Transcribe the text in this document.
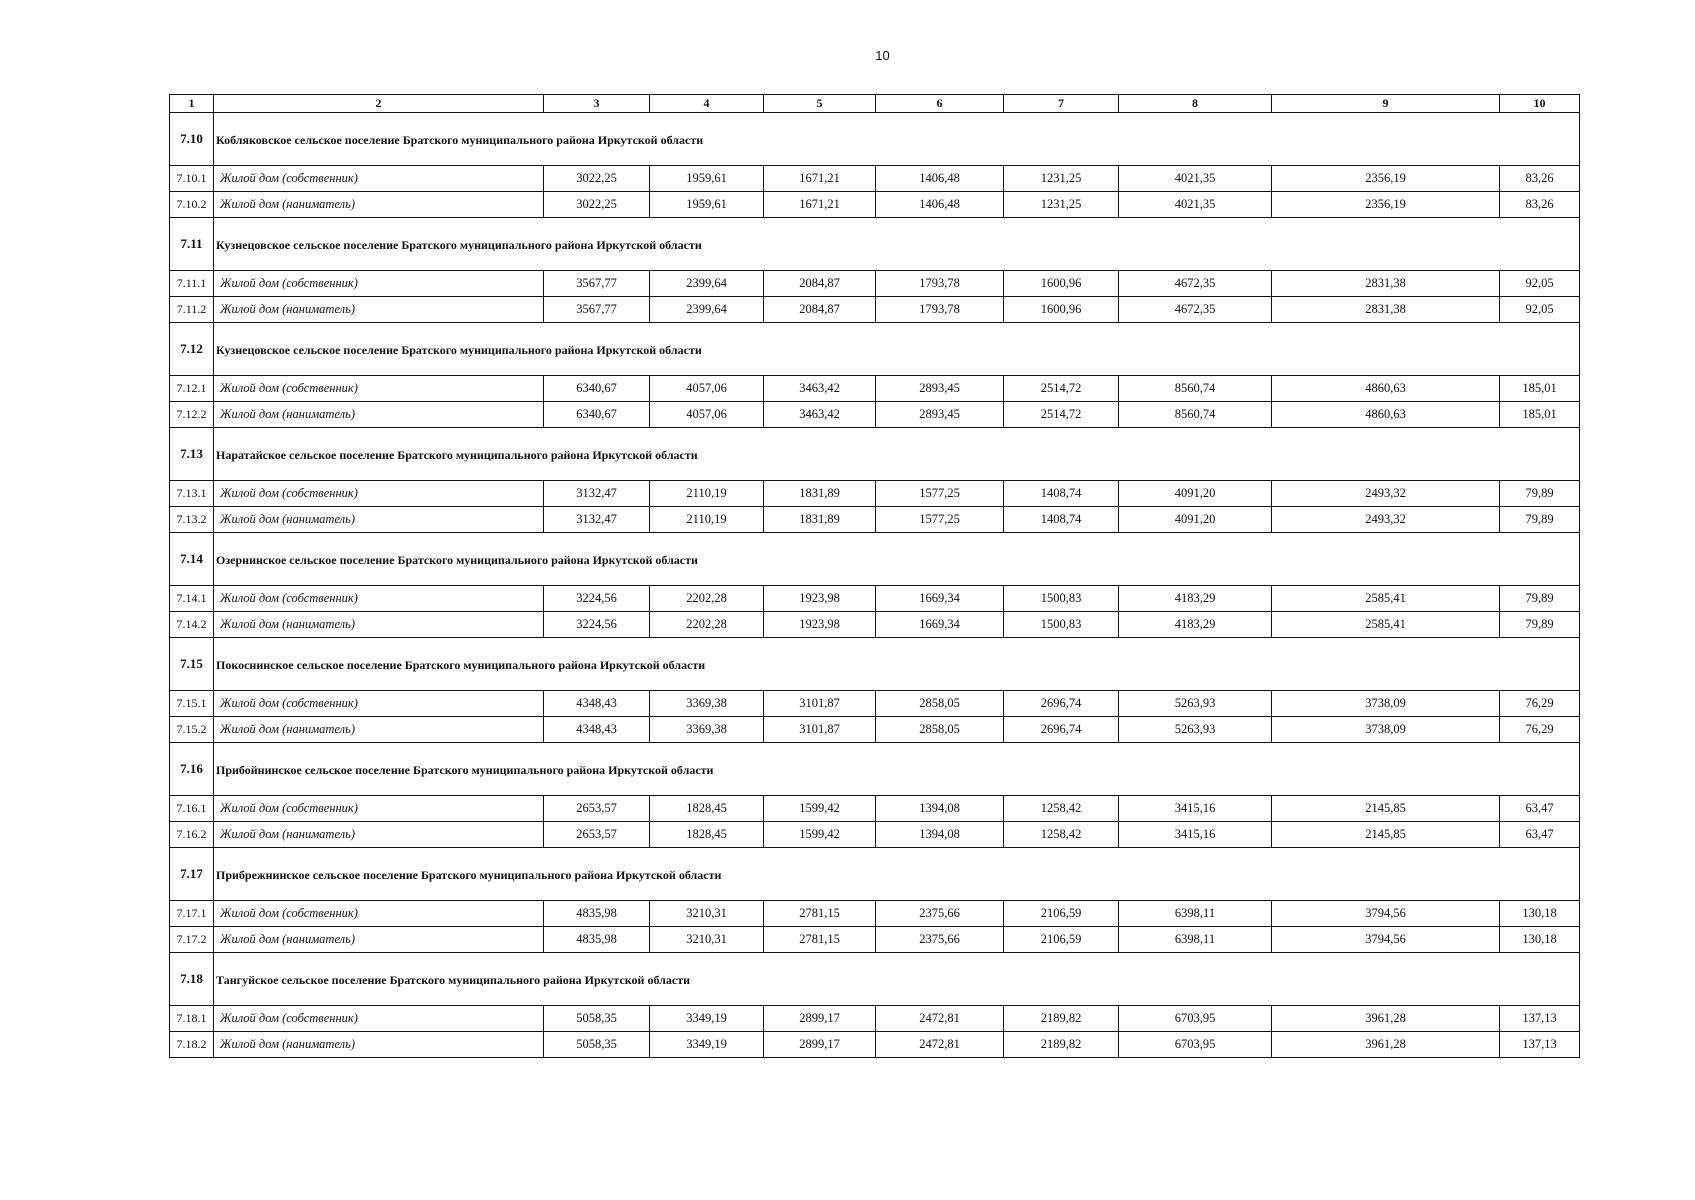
10
1	2	3	4	5	6	7	8	9	10
7.10	Кобляковское сельское поселение Братского муниципального района Иркутской области								
7.10.1	Жилой дом (собственник)	3022,25	1959,61	1671,21	1406,48	1231,25	4021,35	2356,19	83,26
7.10.2	Жилой дом (наниматель)	3022,25	1959,61	1671,21	1406,48	1231,25	4021,35	2356,19	83,26
7.11	Кузнецовское сельское поселение Братского муниципального района Иркутской области								
7.11.1	Жилой дом (собственник)	3567,77	2399,64	2084,87	1793,78	1600,96	4672,35	2831,38	92,05
7.11.2	Жилой дом (наниматель)	3567,77	2399,64	2084,87	1793,78	1600,96	4672,35	2831,38	92,05
7.12	Кузнецовское сельское поселение Братского муниципального района Иркутской области								
7.12.1	Жилой дом (собственник)	6340,67	4057,06	3463,42	2893,45	2514,72	8560,74	4860,63	185,01
7.12.2	Жилой дом (наниматель)	6340,67	4057,06	3463,42	2893,45	2514,72	8560,74	4860,63	185,01
7.13	Наратайское сельское поселение Братского муниципального района Иркутской области								
7.13.1	Жилой дом (собственник)	3132,47	2110,19	1831,89	1577,25	1408,74	4091,20	2493,32	79,89
7.13.2	Жилой дом (наниматель)	3132,47	2110,19	1831,89	1577,25	1408,74	4091,20	2493,32	79,89
7.14	Озернинское сельское поселение Братского муниципального района Иркутской области								
7.14.1	Жилой дом (собственник)	3224,56	2202,28	1923,98	1669,34	1500,83	4183,29	2585,41	79,89
7.14.2	Жилой дом (наниматель)	3224,56	2202,28	1923,98	1669,34	1500,83	4183,29	2585,41	79,89
7.15	Покоснинское сельское поселение Братского муниципального района Иркутской области								
7.15.1	Жилой дом (собственник)	4348,43	3369,38	3101,87	2858,05	2696,74	5263,93	3738,09	76,29
7.15.2	Жилой дом (наниматель)	4348,43	3369,38	3101,87	2858,05	2696,74	5263,93	3738,09	76,29
7.16	Прибойнинское сельское поселение Братского муниципального района Иркутской области								
7.16.1	Жилой дом (собственник)	2653,57	1828,45	1599,42	1394,08	1258,42	3415,16	2145,85	63,47
7.16.2	Жилой дом (наниматель)	2653,57	1828,45	1599,42	1394,08	1258,42	3415,16	2145,85	63,47
7.17	Прибрежнинское сельское поселение Братского муниципального района Иркутской области								
7.17.1	Жилой дом (собственник)	4835,98	3210,31	2781,15	2375,66	2106,59	6398,11	3794,56	130,18
7.17.2	Жилой дом (наниматель)	4835,98	3210,31	2781,15	2375,66	2106,59	6398,11	3794,56	130,18
7.18	Тангуйское сельское поселение Братского муниципального района Иркутской области								
7.18.1	Жилой дом (собственник)	5058,35	3349,19	2899,17	2472,81	2189,82	6703,95	3961,28	137,13
7.18.2	Жилой дом (наниматель)	5058,35	3349,19	2899,17	2472,81	2189,82	6703,95	3961,28	137,13
